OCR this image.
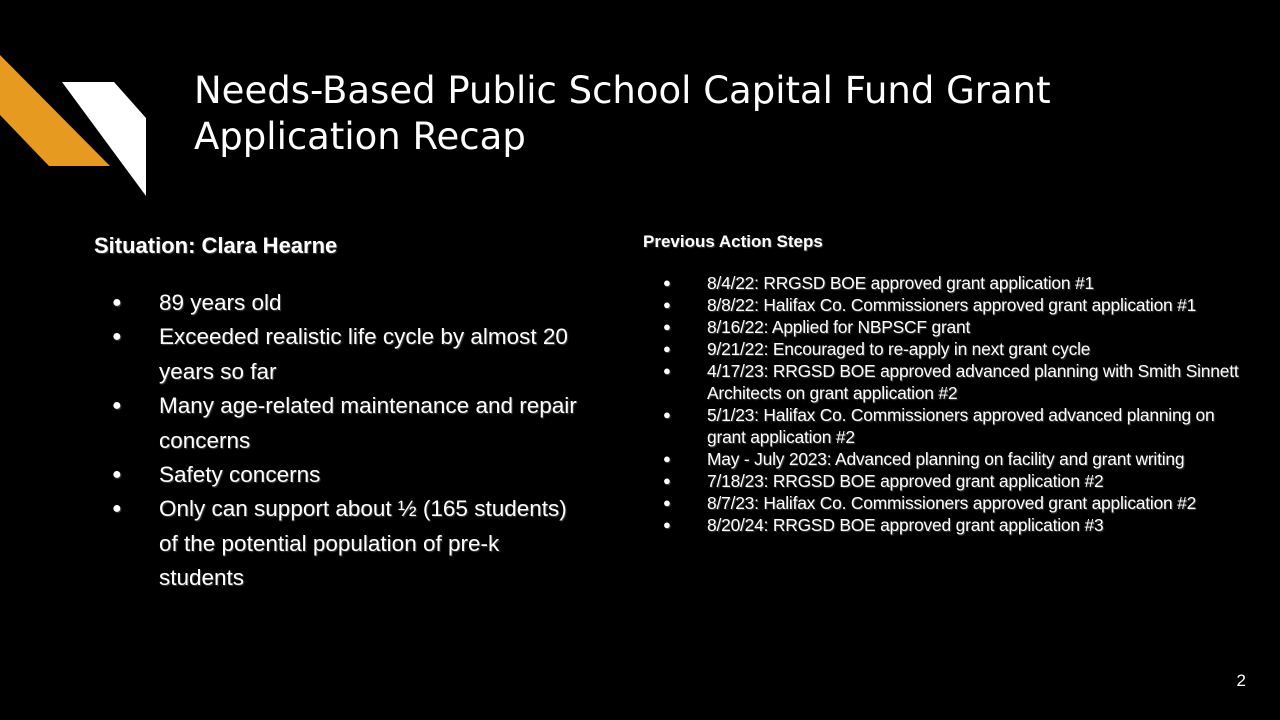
Needs-Based Public School Capital Fund Grant Application Recap
Situation: Clara Hearne
● 89 years old
● Exceeded realistic life cycle by almost 20 years so far
● Many age-related maintenance and repair concerns
● Safety concerns
● Only can support about ½ (165 students) of the potential population of pre-k students
Previous Action Steps
● 8/4/22: RRGSD BOE approved grant application #1
● 8/8/22: Halifax Co. Commissioners approved grant application #1
● 8/16/22: Applied for NBPSCF grant
● 9/21/22: Encouraged to re-apply in next grant cycle
● 4/17/23: RRGSD BOE approved advanced planning with Smith Sinnett Architects on grant application #2
● 5/1/23: Halifax Co. Commissioners approved advanced planning on grant application #2
● May - July 2023: Advanced planning on facility and grant writing
● 7/18/23: RRGSD BOE approved grant application #2
● 8/7/23: Halifax Co. Commissioners approved grant application #2
● 8/20/24: RRGSD BOE approved grant application #3
2
